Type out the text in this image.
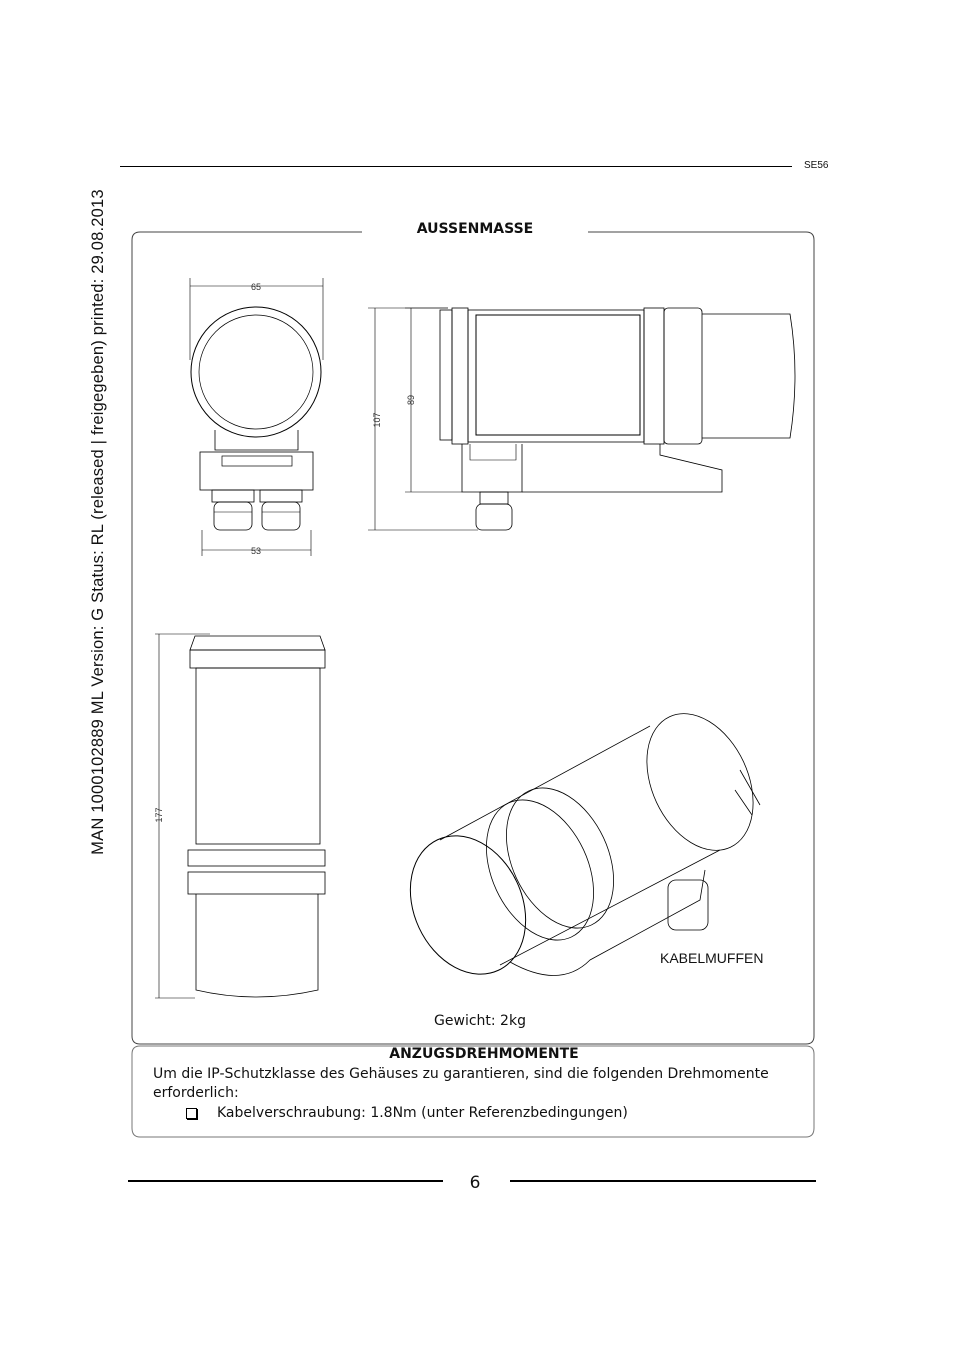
SE56
MAN 1000102889 ML Version: G Status: RL (released | freigegeben) printed: 29.08.2013	65
53
107
89
177
AUSSENMASSE
KABELMUFFEN
Gewicht: 2kg
ANZUGSDREHMOMENTE
Um die IP-Schutzklasse des Gehäuses zu garantieren, sind die folgenden Drehmomente erforderlich:
Kabelverschraubung: 1.8Nm (unter Referenzbedingungen)
6
